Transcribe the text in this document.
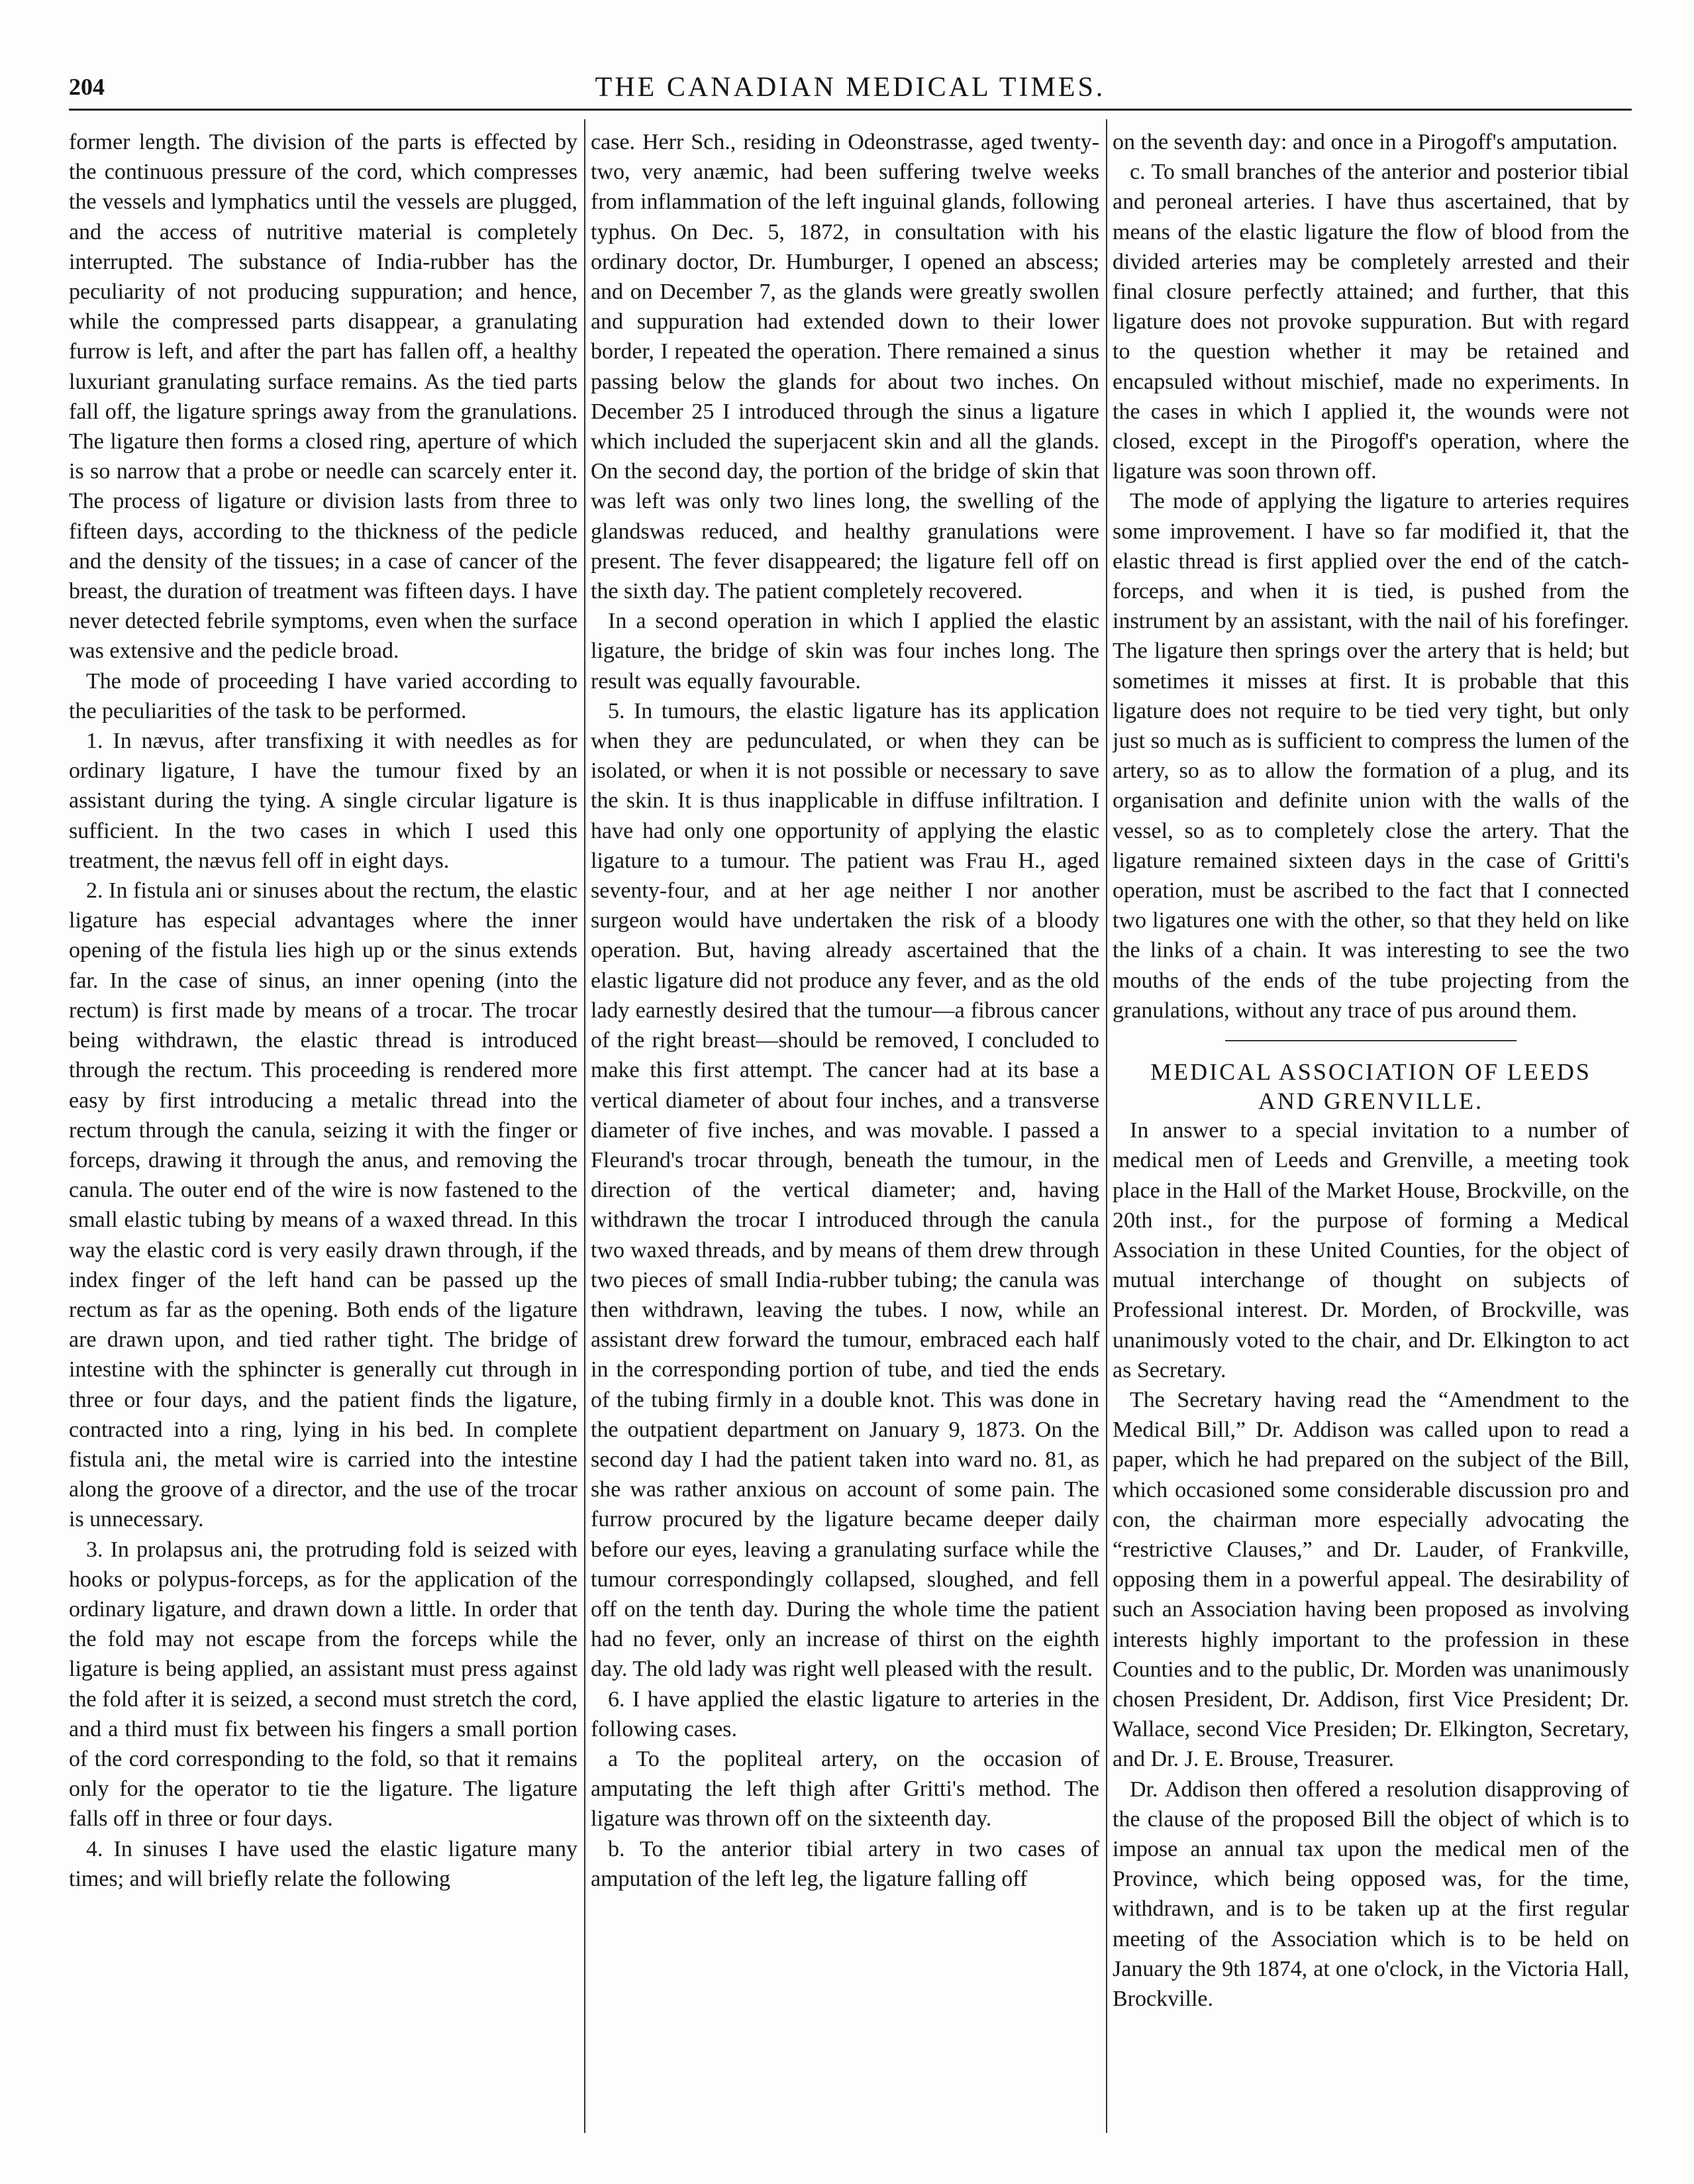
204	THE CANADIAN MEDICAL TIMES.

former length. The division of the parts is effected by the continuous pressure of the cord, which compresses the vessels and lymphatics until the vessels are plugged, and the access of nutritive material is completely interrupted. The substance of India-rubber has the peculiarity of not producing suppuration; and hence, while the compressed parts disappear, a granulating furrow is left, and after the part has fallen off, a healthy luxuriant granulating surface remains. As the tied parts fall off, the ligature springs away from the granulations. The ligature then forms a closed ring, aperture of which is so narrow that a probe or needle can scarcely enter it. The process of ligature or division lasts from three to fifteen days, according to the thickness of the pedicle and the density of the tissues; in a case of cancer of the breast, the duration of treatment was fifteen days. I have never detected febrile symptoms, even when the surface was extensive and the pedicle broad.

The mode of proceeding I have varied according to the peculiarities of the task to be performed.

1. In nævus, after transfixing it with needles as for ordinary ligature, I have the tumour fixed by an assistant during the tying. A single circular ligature is sufficient. In the two cases in which I used this treatment, the nævus fell off in eight days.

2. In fistula ani or sinuses about the rectum, the elastic ligature has especial advantages where the inner opening of the fistula lies high up or the sinus extends far. In the case of sinus, an inner opening (into the rectum) is first made by means of a trocar. The trocar being withdrawn, the elastic thread is introduced through the rectum. This proceeding is rendered more easy by first introducing a metalic thread into the rectum through the canula, seizing it with the finger or forceps, drawing it through the anus, and removing the canula. The outer end of the wire is now fastened to the small elastic tubing by means of a waxed thread. In this way the elastic cord is very easily drawn through, if the index finger of the left hand can be passed up the rectum as far as the opening. Both ends of the ligature are drawn upon, and tied rather tight. The bridge of intestine with the sphincter is generally cut through in three or four days, and the patient finds the ligature, contracted into a ring, lying in his bed. In complete fistula ani, the metal wire is carried into the intestine along the groove of a director, and the use of the trocar is unnecessary.

3. In prolapsus ani, the protruding fold is seized with hooks or polypus-forceps, as for the application of the ordinary ligature, and drawn down a little. In order that the fold may not escape from the forceps while the ligature is being applied, an assistant must press against the fold after it is seized, a second must stretch the cord, and a third must fix between his fingers a small portion of the cord corresponding to the fold, so that it remains only for the operator to tie the ligature. The ligature falls off in three or four days.

4. In sinuses I have used the elastic ligature many times; and will briefly relate the following

case. Herr Sch., residing in Odeonstrasse, aged twenty-two, very anæmic, had been suffering twelve weeks from inflammation of the left inguinal glands, following typhus. On Dec. 5, 1872, in consultation with his ordinary doctor, Dr. Humburger, I opened an abscess; and on December 7, as the glands were greatly swollen and suppuration had extended down to their lower border, I repeated the operation. There remained a sinus passing below the glands for about two inches. On December 25 I introduced through the sinus a ligature which included the superjacent skin and all the glands. On the second day, the portion of the bridge of skin that was left was only two lines long, the swelling of the glandswas reduced, and healthy granulations were present. The fever disappeared; the ligature fell off on the sixth day. The patient completely recovered.

In a second operation in which I applied the elastic ligature, the bridge of skin was four inches long. The result was equally favourable.

5. In tumours, the elastic ligature has its application when they are pedunculated, or when they can be isolated, or when it is not possible or necessary to save the skin. It is thus inapplicable in diffuse infiltration. I have had only one opportunity of applying the elastic ligature to a tumour. The patient was Frau H., aged seventy-four, and at her age neither I nor another surgeon would have undertaken the risk of a bloody operation. But, having already ascertained that the elastic ligature did not produce any fever, and as the old lady earnestly desired that the tumour—a fibrous cancer of the right breast—should be removed, I concluded to make this first attempt. The cancer had at its base a vertical diameter of about four inches, and a transverse diameter of five inches, and was movable. I passed a Fleurand's trocar through, beneath the tumour, in the direction of the vertical diameter; and, having withdrawn the trocar I introduced through the canula two waxed threads, and by means of them drew through two pieces of small India-rubber tubing; the canula was then withdrawn, leaving the tubes. I now, while an assistant drew forward the tumour, embraced each half in the corresponding portion of tube, and tied the ends of the tubing firmly in a double knot. This was done in the outpatient department on January 9, 1873. On the second day I had the patient taken into ward no. 81, as she was rather anxious on account of some pain. The furrow procured by the ligature became deeper daily before our eyes, leaving a granulating surface while the tumour correspondingly collapsed, sloughed, and fell off on the tenth day. During the whole time the patient had no fever, only an increase of thirst on the eighth day. The old lady was right well pleased with the result.

6. I have applied the elastic ligature to arteries in the following cases.

a To the popliteal artery, on the occasion of amputating the left thigh after Gritti's method. The ligature was thrown off on the sixteenth day.

b. To the anterior tibial artery in two cases of amputation of the left leg, the ligature falling off

on the seventh day: and once in a Pirogoff's amputation.

c. To small branches of the anterior and posterior tibial and peroneal arteries. I have thus ascertained, that by means of the elastic ligature the flow of blood from the divided arteries may be completely arrested and their final closure perfectly attained; and further, that this ligature does not provoke suppuration. But with regard to the question whether it may be retained and encapsuled without mischief, made no experiments. In the cases in which I applied it, the wounds were not closed, except in the Pirogoff's operation, where the ligature was soon thrown off.

The mode of applying the ligature to arteries requires some improvement. I have so far modified it, that the elastic thread is first applied over the end of the catch-forceps, and when it is tied, is pushed from the instrument by an assistant, with the nail of his forefinger. The ligature then springs over the artery that is held; but sometimes it misses at first. It is probable that this ligature does not require to be tied very tight, but only just so much as is sufficient to compress the lumen of the artery, so as to allow the formation of a plug, and its organisation and definite union with the walls of the vessel, so as to completely close the artery. That the ligature remained sixteen days in the case of Gritti's operation, must be ascribed to the fact that I connected two ligatures one with the other, so that they held on like the links of a chain. It was interesting to see the two mouths of the ends of the tube projecting from the granulations, without any trace of pus around them.

MEDICAL ASSOCIATION OF LEEDS
AND GRENVILLE.

In answer to a special invitation to a number of medical men of Leeds and Grenville, a meeting took place in the Hall of the Market House, Brockville, on the 20th inst., for the purpose of forming a Medical Association in these United Counties, for the object of mutual interchange of thought on subjects of Professional interest. Dr. Morden, of Brockville, was unanimously voted to the chair, and Dr. Elkington to act as Secretary.

The Secretary having read the “Amendment to the Medical Bill,” Dr. Addison was called upon to read a paper, which he had prepared on the subject of the Bill, which occasioned some considerable discussion pro and con, the chairman more especially advocating the “restrictive Clauses,” and Dr. Lauder, of Frankville, opposing them in a powerful appeal. The desirability of such an Association having been proposed as involving interests highly important to the profession in these Counties and to the public, Dr. Morden was unanimously chosen President, Dr. Addison, first Vice President; Dr. Wallace, second Vice Presiden; Dr. Elkington, Secretary, and Dr. J. E. Brouse, Treasurer.

Dr. Addison then offered a resolution disapproving of the clause of the proposed Bill the object of which is to impose an annual tax upon the medical men of the Province, which being opposed was, for the time, withdrawn, and is to be taken up at the first regular meeting of the Association which is to be held on January the 9th 1874, at one o'clock, in the Victoria Hall, Brockville.
